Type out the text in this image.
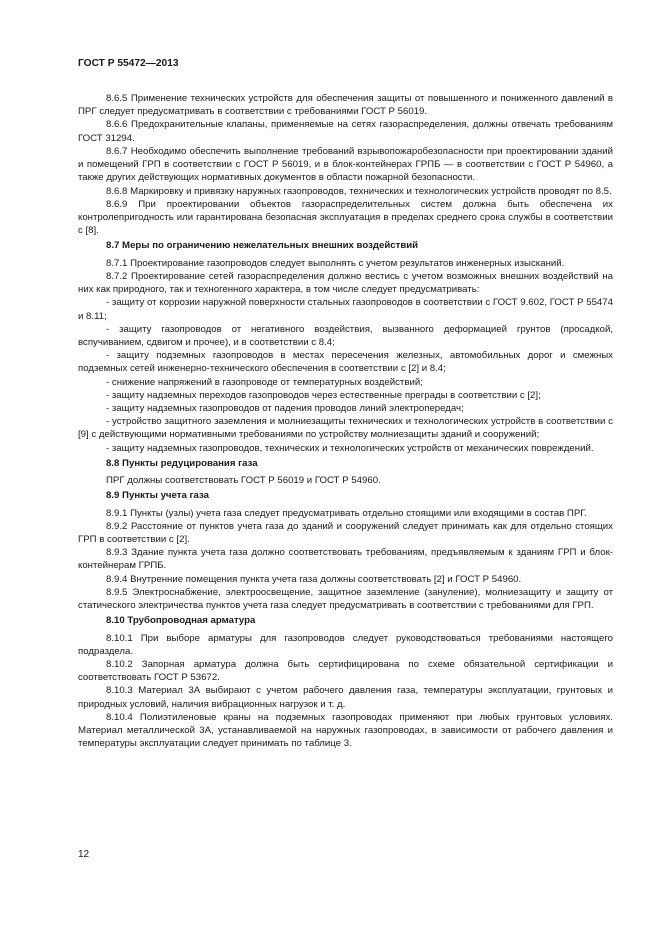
ГОСТ Р 55472—2013

8.6.5 Применение технических устройств для обеспечения защиты от повышенного и пониженного давлений в ПРГ следует предусматривать в соответствии с требованиями ГОСТ Р 56019.

8.6.6 Предохранительные клапаны, применяемые на сетях газораспределения, должны отвечать требованиям ГОСТ 31294.

8.6.7 Необходимо обеспечить выполнение требований взрывопожаробезопасности при проектировании зданий и помещений ГРП в соответствии с ГОСТ Р 56019, и в блок-контейнерах ГРПБ — в соответствии с ГОСТ Р 54960, а также других действующих нормативных документов в области пожарной безопасности.

8.6.8 Маркировку и привязку наружных газопроводов, технических и технологических устройств проводят по 8.5.

8.6.9 При проектировании объектов газораспределительных систем должна быть обеспечена их контролепригодность или гарантирована безопасная эксплуатация в пределах среднего срока службы в соответствии с [8].

8.7 Меры по ограничению нежелательных внешних воздействий

8.7.1 Проектирование газопроводов следует выполнять с учетом результатов инженерных изысканий.

8.7.2 Проектирование сетей газораспределения должно вестись с учетом возможных внешних воздействий на них как природного, так и техногенного характера, в том числе следует предусматривать:

- защиту от коррозии наружной поверхности стальных газопроводов в соответствии с ГОСТ 9.602, ГОСТ Р 55474 и 8.11;

- защиту газопроводов от негативного воздействия, вызванного деформацией грунтов (просадкой, вспучиванием, сдвигом и прочее), и в соответствии с 8.4;

- защиту подземных газопроводов в местах пересечения железных, автомобильных дорог и смежных подземных сетей инженерно-технического обеспечения в соответствии с [2] и 8.4;

- снижение напряжений в газопроводе от температурных воздействий;

- защиту надземных переходов газопроводов через естественные преграды в соответствии с [2];

- защиту надземных газопроводов от падения проводов линий электропередач;

- устройство защитного заземления и молниезащиты технических и технологических устройств в соответствии с [9] с действующими нормативными требованиями по устройству молниезащиты зданий и сооружений;

- защиту надземных газопроводов, технических и технологических устройств от механических повреждений.

8.8 Пункты редуцирования газа

ПРГ должны соответствовать ГОСТ Р 56019 и ГОСТ Р 54960.

8.9 Пункты учета газа

8.9.1 Пункты (узлы) учета газа следует предусматривать отдельно стоящими или входящими в состав ПРГ.

8.9.2 Расстояние от пунктов учета газа до зданий и сооружений следует принимать как для отдельно стоящих ГРП в соответствии с [2].

8.9.3 Здание пункта учета газа должно соответствовать требованиям, предъявляемым к зданиям ГРП и блок-контейнерам ГРПБ.

8.9.4 Внутренние помещения пункта учета газа должны соответствовать [2] и ГОСТ Р 54960.

8.9.5 Электроснабжение, электроосвещение, защитное заземление (зануление), молниезащиту и защиту от статического электричества пунктов учета газа следует предусматривать в соответствии с требованиями для ГРП.

8.10 Трубопроводная арматура

8.10.1 При выборе арматуры для газопроводов следует руководствоваться требованиями настоящего подраздела.

8.10.2 Запорная арматура должна быть сертифицирована по схеме обязательной сертификации и соответствовать ГОСТ Р 53672.

8.10.3 Материал 3А выбирают с учетом рабочего давления газа, температуры эксплуатации, грунтовых и природных условий, наличия вибрационных нагрузок и т. д.

8.10.4 Полиэтиленовые краны на подземных газопроводах применяют при любых грунтовых условиях. Материал металлической 3А, устанавливаемой на наружных газопроводах, в зависимости от рабочего давления и температуры эксплуатации следует принимать по таблице 3.

12
